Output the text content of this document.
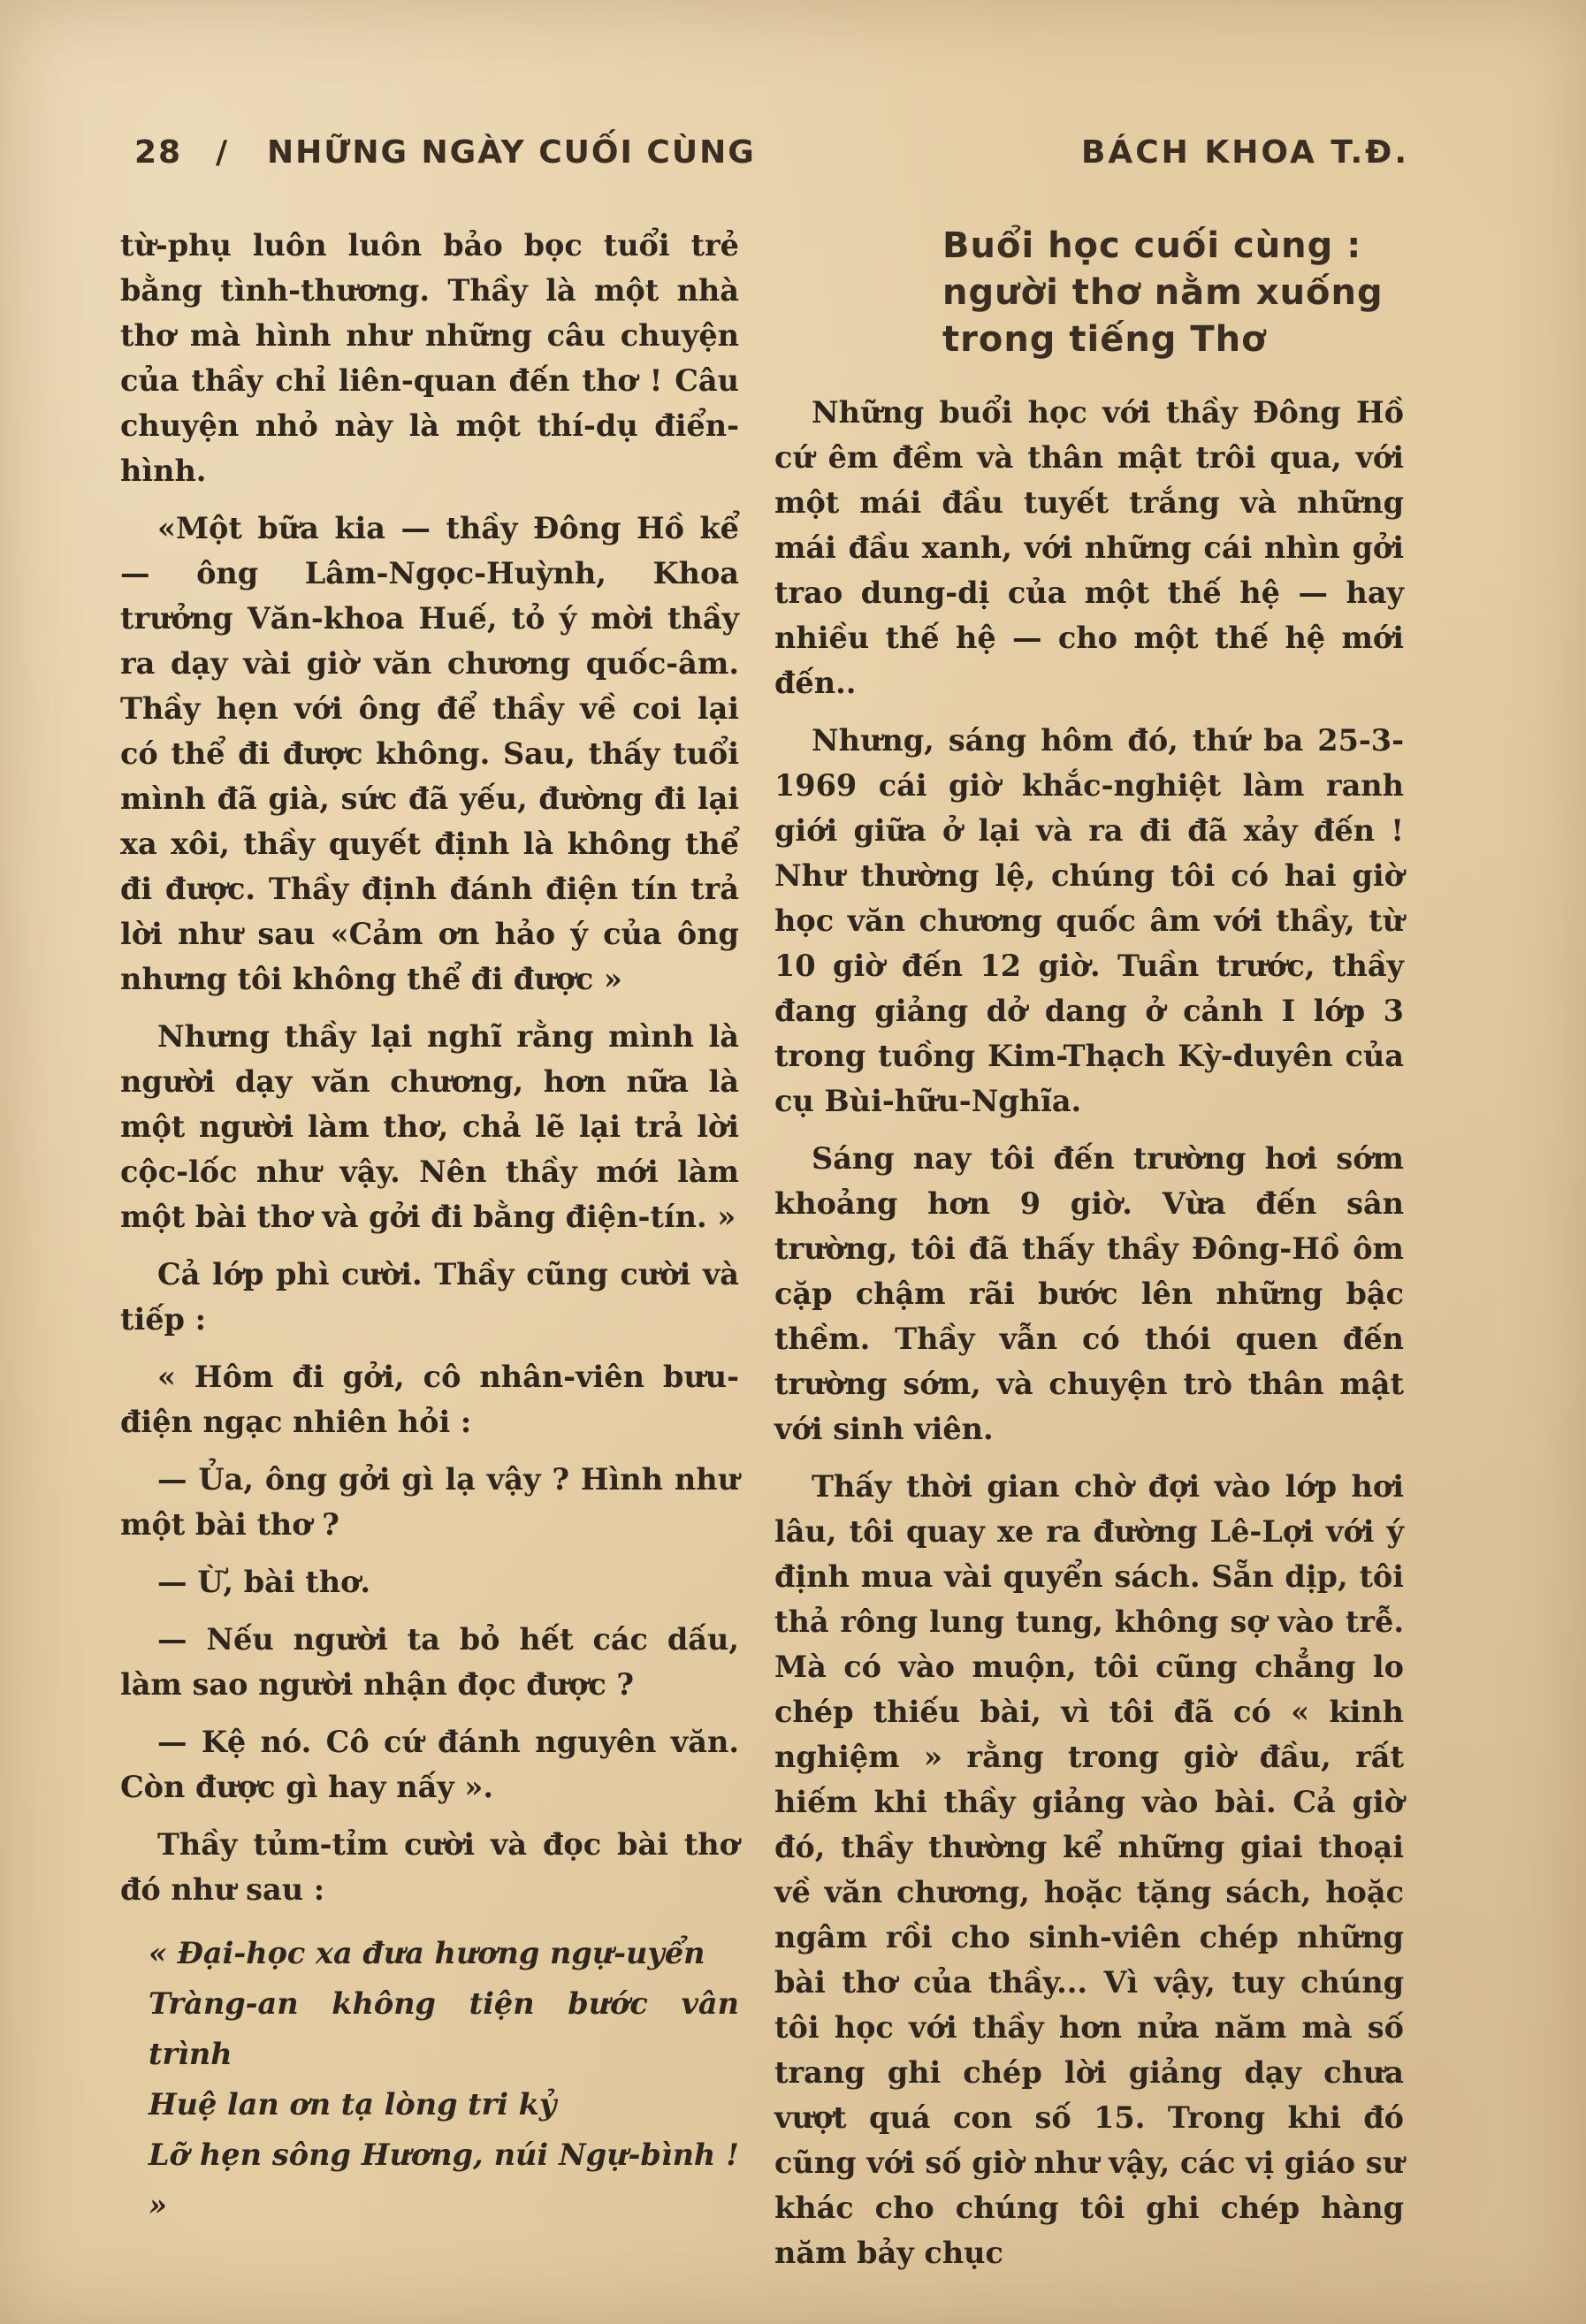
28 / NHỮNG NGÀY CUỐI CÙNG	BÁCH KHOA T.Đ.

từ-phụ luôn luôn bảo bọc tuổi trẻ bằng tình-thương. Thầy là một nhà thơ mà hình như những câu chuyện của thầy chỉ liên-quan đến thơ ! Câu chuyện nhỏ này là một thí-dụ điển-hình.

«Một bữa kia — thầy Đông Hồ kể — ông Lâm-Ngọc-Huỳnh, Khoa trưởng Văn-khoa Huế, tỏ ý mời thầy ra dạy vài giờ văn chương quốc-âm. Thầy hẹn với ông để thầy về coi lại có thể đi được không. Sau, thấy tuổi mình đã già, sức đã yếu, đường đi lại xa xôi, thầy quyết định là không thể đi được. Thầy định đánh điện tín trả lời như sau «Cảm ơn hảo ý của ông nhưng tôi không thể đi được »

Nhưng thầy lại nghĩ rằng mình là người dạy văn chương, hơn nữa là một người làm thơ, chả lẽ lại trả lời cộc-lốc như vậy. Nên thầy mới làm một bài thơ và gởi đi bằng điện-tín. »

Cả lớp phì cười. Thầy cũng cười và tiếp :

« Hôm đi gởi, cô nhân-viên bưu-điện ngạc nhiên hỏi :

— Ủa, ông gởi gì lạ vậy ? Hình như một bài thơ ?

— Ừ, bài thơ.

— Nếu người ta bỏ hết các dấu, làm sao người nhận đọc được ?

— Kệ nó. Cô cứ đánh nguyên văn. Còn được gì hay nấy ».

Thầy tủm-tỉm cười và đọc bài thơ đó như sau :

« Đại-học xa đưa hương ngự-uyển
Tràng-an không tiện bước vân trình
Huệ lan ơn tạ lòng tri kỷ
Lỡ hẹn sông Hương, núi Ngự-bình ! »
Buổi học cuối cùng :
người thơ nằm xuống
trong tiếng Thơ

Những buổi học với thầy Đông Hồ cứ êm đềm và thân mật trôi qua, với một mái đầu tuyết trắng và những mái đầu xanh, với những cái nhìn gởi trao dung-dị của một thế hệ — hay nhiều thế hệ — cho một thế hệ mới đến..

Nhưng, sáng hôm đó, thứ ba 25-3-1969 cái giờ khắc-nghiệt làm ranh giới giữa ở lại và ra đi đã xảy đến ! Như thường lệ, chúng tôi có hai giờ học văn chương quốc âm với thầy, từ 10 giờ đến 12 giờ. Tuần trước, thầy đang giảng dở dang ở cảnh I lớp 3 trong tuồng Kim-Thạch Kỳ-duyên của cụ Bùi-hữu-Nghĩa.

Sáng nay tôi đến trường hơi sớm khoảng hơn 9 giờ. Vừa đến sân trường, tôi đã thấy thầy Đông-Hồ ôm cặp chậm rãi bước lên những bậc thềm. Thầy vẫn có thói quen đến trường sớm, và chuyện trò thân mật với sinh viên.

Thấy thời gian chờ đợi vào lớp hơi lâu, tôi quay xe ra đường Lê-Lợi với ý định mua vài quyển sách. Sẵn dịp, tôi thả rông lung tung, không sợ vào trễ. Mà có vào muộn, tôi cũng chẳng lo chép thiếu bài, vì tôi đã có « kinh nghiệm » rằng trong giờ đầu, rất hiếm khi thầy giảng vào bài. Cả giờ đó, thầy thường kể những giai thoại về văn chương, hoặc tặng sách, hoặc ngâm rồi cho sinh-viên chép những bài thơ của thầy... Vì vậy, tuy chúng tôi học với thầy hơn nửa năm mà số trang ghi chép lời giảng dạy chưa vượt quá con số 15. Trong khi đó cũng với số giờ như vậy, các vị giáo sư khác cho chúng tôi ghi chép hàng năm bảy chục
